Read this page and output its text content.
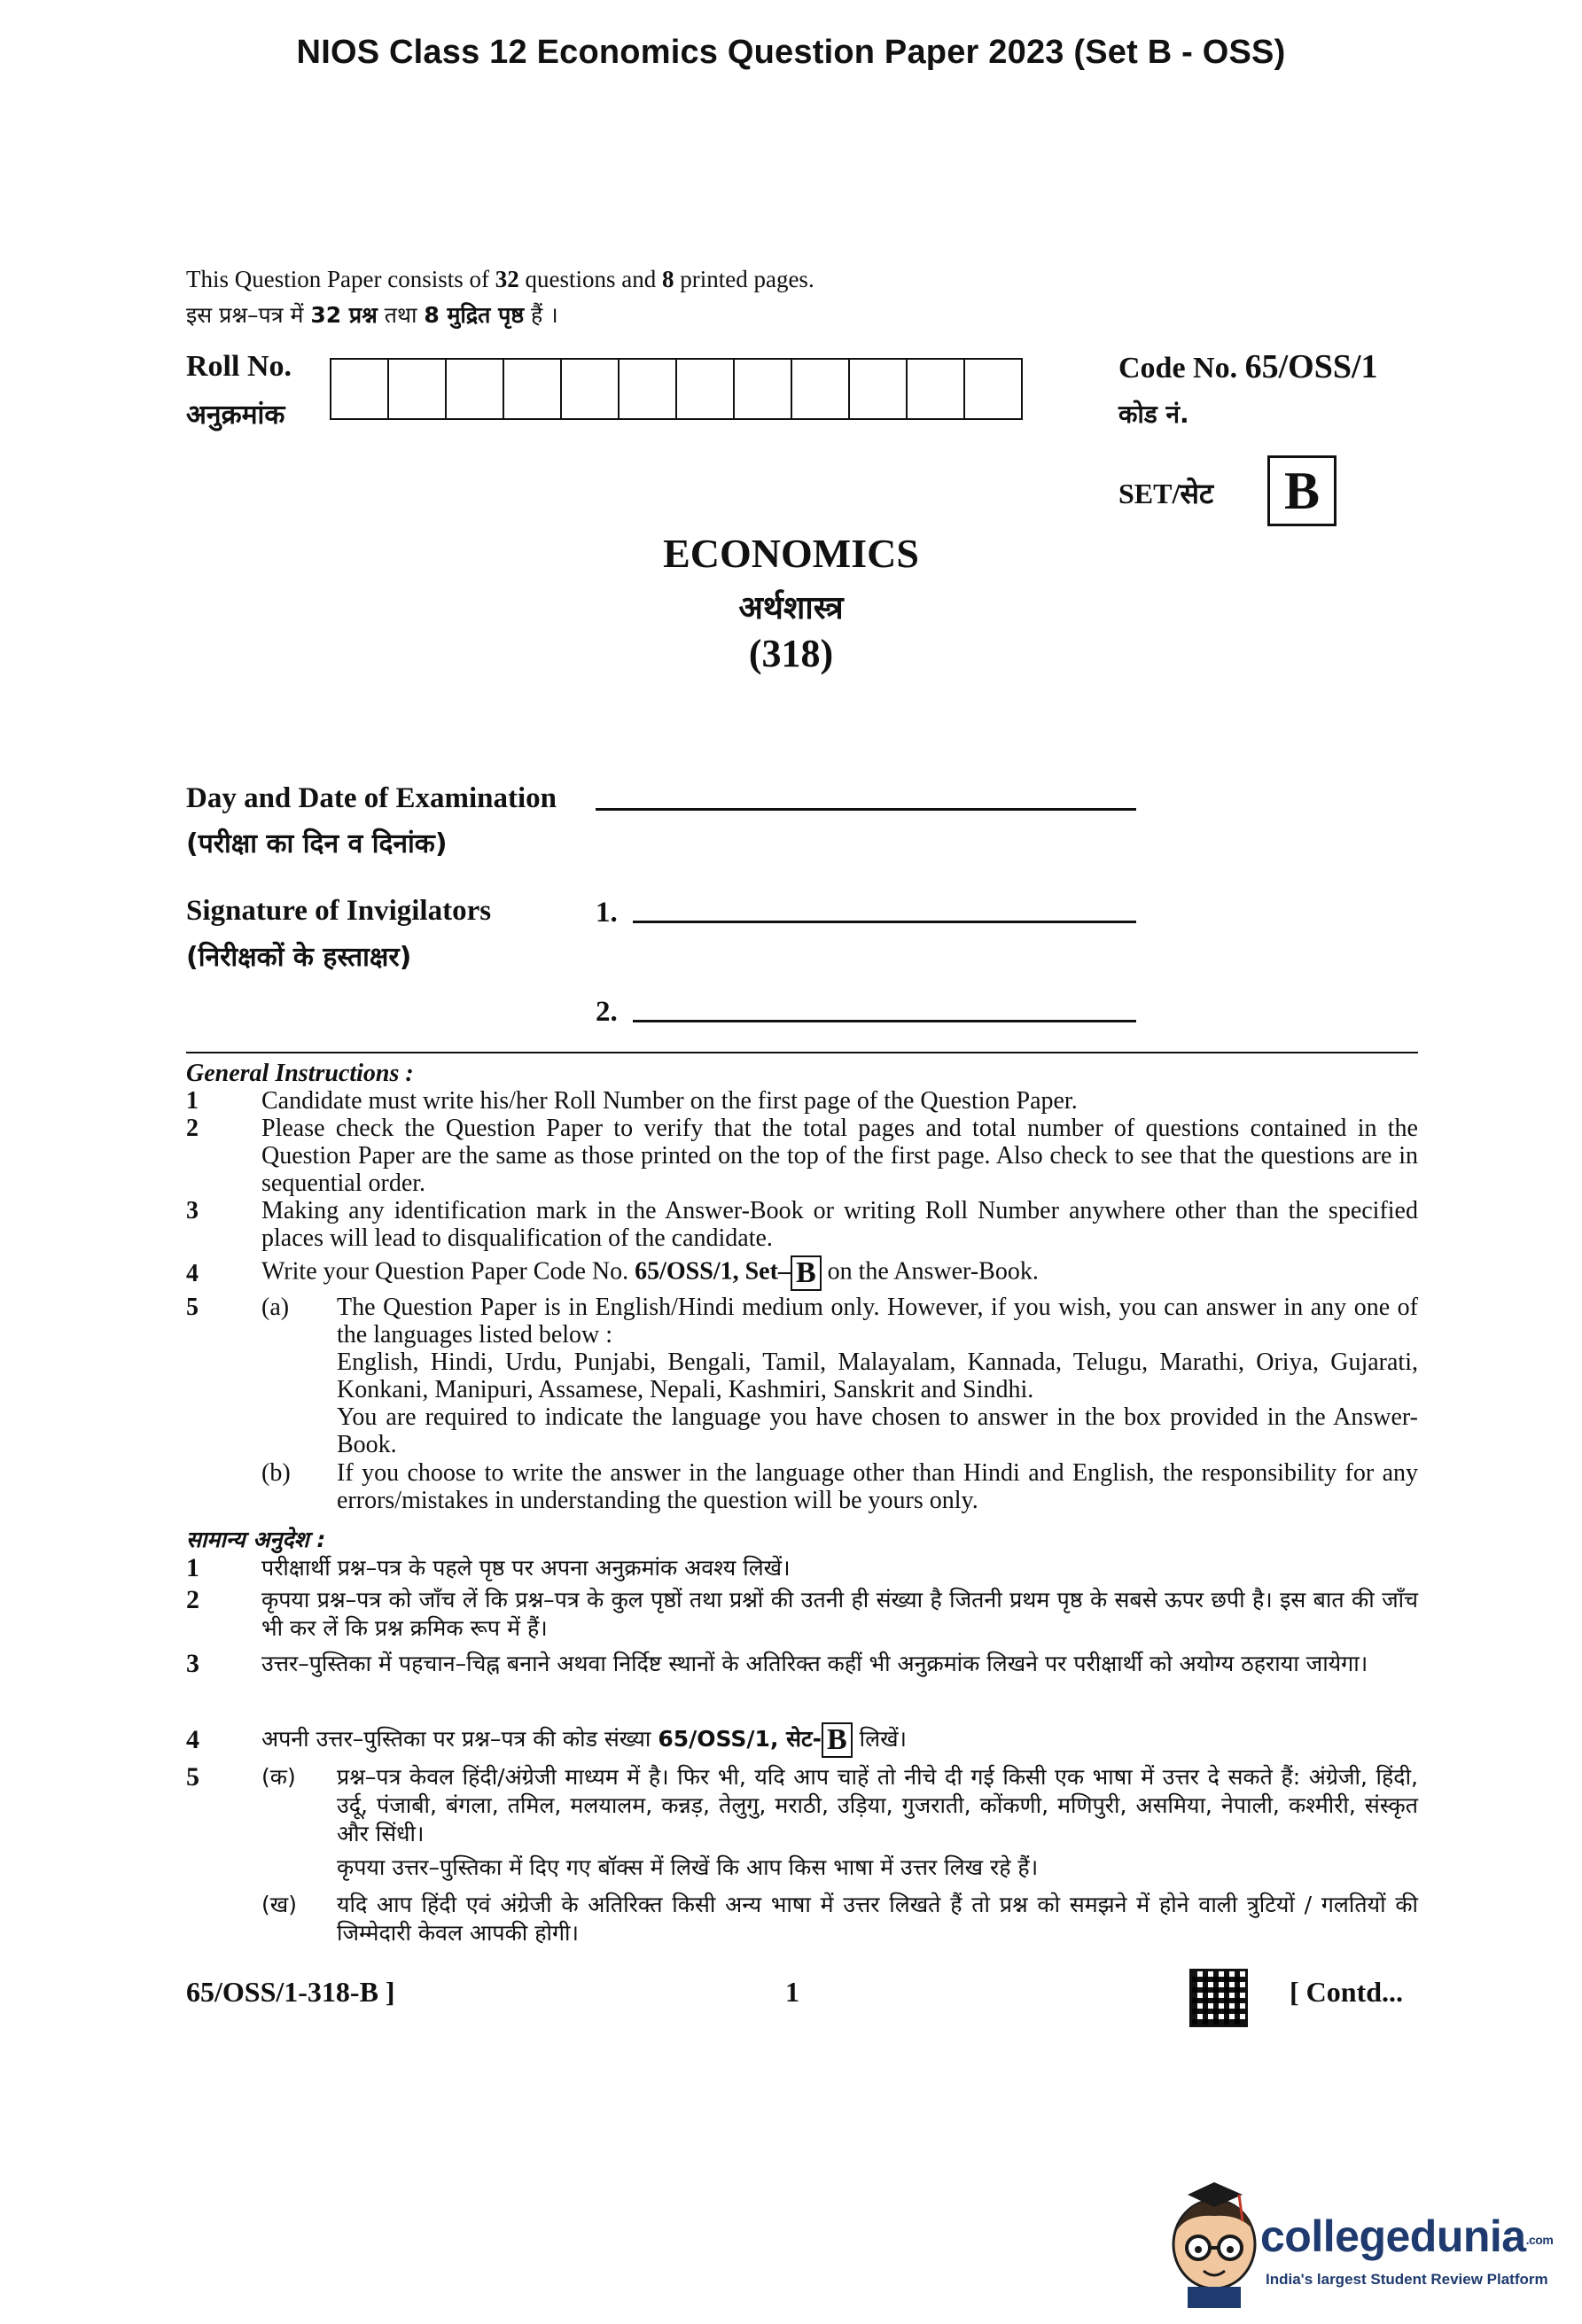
NIOS Class 12 Economics Question Paper 2023 (Set B - OSS)
This Question Paper consists of 32 questions and 8 printed pages.
इस प्रश्न–पत्र में 32 प्रश्न तथा 8 मुद्रित पृष्ठ हैं ।
Roll No.
अनुक्रमांक
Code No. 65/OSS/1
कोड नं.
SET/सेट	B
ECONOMICS
अर्थशास्त्र
(318)
Day and Date of Examination
(परीक्षा का दिन व दिनांक)
Signature of Invigilators
(निरीक्षकों के हस्ताक्षर)
1.
2.
General Instructions :
1	Candidate must write his/her Roll Number on the first page of the Question Paper.
2	Please check the Question Paper to verify that the total pages and total number of questions contained in the Question Paper are the same as those printed on the top of the first page. Also check to see that the questions are in sequential order.
3	Making any identification mark in the Answer-Book or writing Roll Number anywhere other than the specified places will lead to disqualification of the candidate.
4	Write your Question Paper Code No. 65/OSS/1, Set– B on the Answer-Book.
5	(a) The Question Paper is in English/Hindi medium only. However, if you wish, you can answer in any one of the languages listed below :
English, Hindi, Urdu, Punjabi, Bengali, Tamil, Malayalam, Kannada, Telugu, Marathi, Oriya, Gujarati, Konkani, Manipuri, Assamese, Nepali, Kashmiri, Sanskrit and Sindhi.
You are required to indicate the language you have chosen to answer in the box provided in the Answer-Book.
(b) If you choose to write the answer in the language other than Hindi and English, the responsibility for any errors/mistakes in understanding the question will be yours only.
सामान्य अनुदेश :
1	परीक्षार्थी प्रश्न–पत्र के पहले पृष्ठ पर अपना अनुक्रमांक अवश्य लिखें।
2	कृपया प्रश्न–पत्र को जाँच लें कि प्रश्न–पत्र के कुल पृष्ठों तथा प्रश्नों की उतनी ही संख्या है जितनी प्रथम पृष्ठ के सबसे ऊपर छपी है। इस बात की जाँच भी कर लें कि प्रश्न क्रमिक रूप में हैं।
3	उत्तर–पुस्तिका में पहचान–चिह्न बनाने अथवा निर्दिष्ट स्थानों के अतिरिक्त कहीं भी अनुक्रमांक लिखने पर परीक्षार्थी को अयोग्य ठहराया जायेगा।
4	अपनी उत्तर–पुस्तिका पर प्रश्न–पत्र की कोड संख्या 65/OSS/1, सेट- B लिखें।
5	(क) प्रश्न–पत्र केवल हिंदी/अंग्रेजी माध्यम में है। फिर भी, यदि आप चाहें तो नीचे दी गई किसी एक भाषा में उत्तर दे सकते हैं: अंग्रेजी, हिंदी, उर्दू, पंजाबी, बंगला, तमिल, मलयालम, कन्नड़, तेलुगु, मराठी, उड़िया, गुजराती, कोंकणी, मणिपुरी, असमिया, नेपाली, कश्मीरी, संस्कृत और सिंधी।
कृपया उत्तर–पुस्तिका में दिए गए बॉक्स में लिखें कि आप किस भाषा में उत्तर लिख रहे हैं।
(ख) यदि आप हिंदी एवं अंग्रेजी के अतिरिक्त किसी अन्य भाषा में उत्तर लिखते हैं तो प्रश्न को समझने में होने वाली त्रुटियों / गलतियों की जिम्मेदारी केवल आपकी होगी।
65/OSS/1-318-B ]	1	[ Contd...
collegedunia.com
India's largest Student Review Platform
